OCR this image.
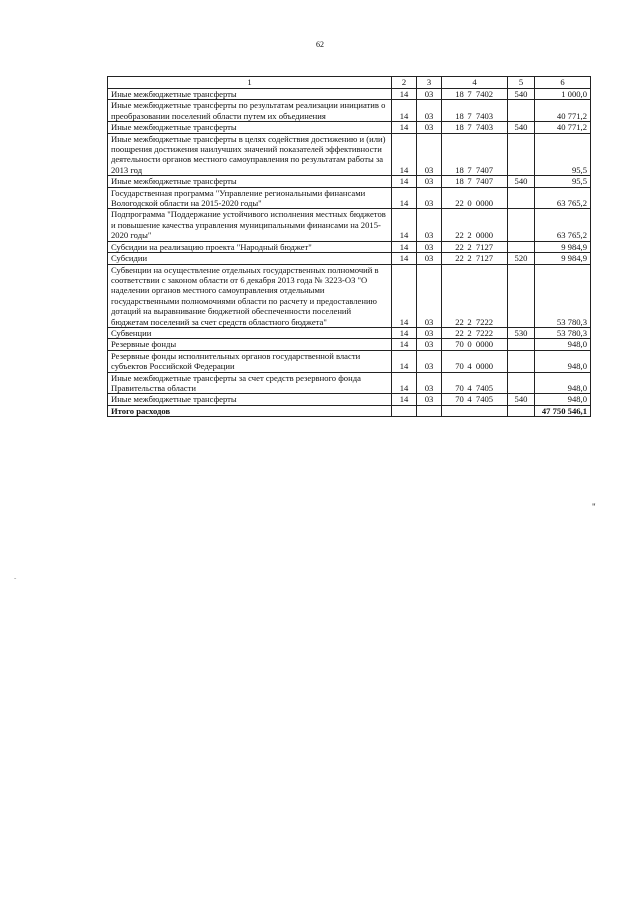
62
1	2	3	4	5	6
Иные межбюджетные трансферты	14	03	18 7 7402	540	1 000,0
Иные межбюджетные трансферты по результатам реализации инициатив о преобразовании поселений области путем их объединения	14	03	18 7 7403		40 771,2
Иные межбюджетные трансферты	14	03	18 7 7403	540	40 771,2
Иные межбюджетные трансферты в целях содействия достижению и (или) поощрения достижения наилучших значений показателей эффективности деятельности органов местного самоуправления по результатам работы за 2013 год	14	03	18 7 7407		95,5
Иные межбюджетные трансферты	14	03	18 7 7407	540	95,5
Государственная программа "Управление региональными финансами Вологодской области на 2015-2020 годы"	14	03	22 0 0000		63 765,2
Подпрограмма "Поддержание устойчивого исполнения местных бюджетов и повышение качества управления муниципальными финансами на 2015-2020 годы"	14	03	22 2 0000		63 765,2
Субсидии на реализацию проекта "Народный бюджет"	14	03	22 2 7127		9 984,9
Субсидии	14	03	22 2 7127	520	9 984,9
Субвенции на осуществление отдельных государственных полномочий в соответствии с законом области от 6 декабря 2013 года № 3223-ОЗ "О наделении органов местного самоуправления отдельными государственными полномочиями области по расчету и предоставлению дотаций на выравнивание бюджетной обеспеченности поселений бюджетам поселений за счет средств областного бюджета"	14	03	22 2 7222		53 780,3
Субвенции	14	03	22 2 7222	530	53 780,3
Резервные фонды	14	03	70 0 0000		948,0
Резервные фонды исполнительных органов государственной власти субъектов Российской Федерации	14	03	70 4 0000		948,0
Иные межбюджетные трансферты за счет средств резервного фонда Правительства области	14	03	70 4 7405		948,0
Иные межбюджетные трансферты	14	03	70 4 7405	540	948,0
Итого расходов					47 750 546,1
"
-
